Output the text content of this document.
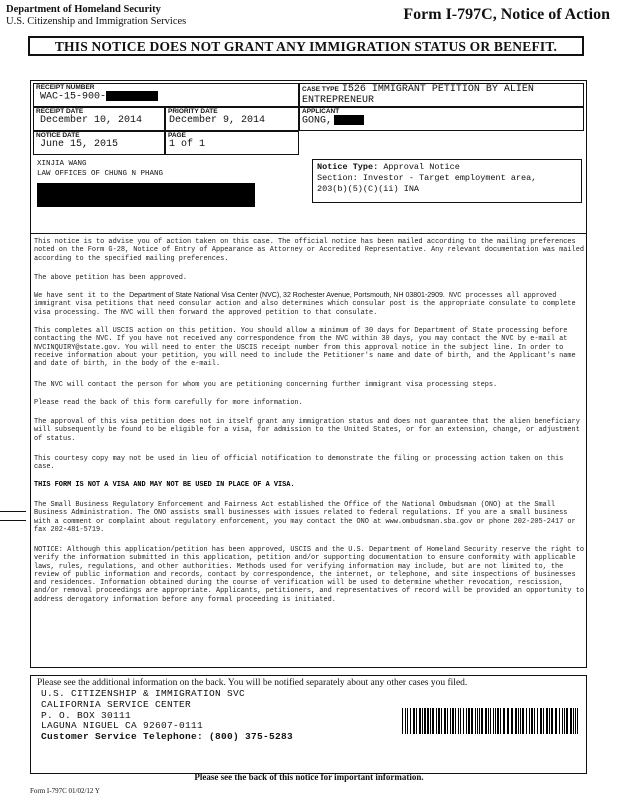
Department of Homeland Security
U.S. Citizenship and Immigration Services	Form I-797C, Notice of Action
THIS NOTICE DOES NOT GRANT ANY IMMIGRATION STATUS OR BENEFIT.
RECEIPT NUMBER
WAC-15-900-
CASE TYPE I526 IMMIGRANT PETITION BY ALIEN
ENTREPRENEUR
RECEIPT DATE
December 10, 2014
PRIORITY DATE
December 9, 2014
APPLICANT
GONG,
NOTICE DATE
June 15, 2015
PAGE
1 of 1
XINJIA WANG
LAW OFFICES OF CHUNG N PHANG
Notice Type: Approval Notice
Section: Investor - Target employment area,
203(b)(5)(C)(ii) INA
This notice is to advise you of action taken on this case. The official notice has been mailed according to the mailing preferences noted on the Form G-28, Notice of Entry of Appearance as Attorney or Accredited Representative. Any relevant documentation was mailed according to the specified mailing preferences.
The above petition has been approved.
We have sent it to the Department of State National Visa Center (NVC), 32 Rochester Avenue, Portsmouth, NH 03801-2909. NVC processes all approved immigrant visa petitions that need consular action and also determines which consular post is the appropriate consulate to complete visa processing. The NVC will then forward the approved petition to that consulate.
This completes all USCIS action on this petition. You should allow a minimum of 30 days for Department of State processing before contacting the NVC. If you have not received any correspondence from the NVC within 30 days, you may contact the NVC by e-mail at NVCINQUIRY@state.gov. You will need to enter the USCIS receipt number from this approval notice in the subject line. In order to receive information about your petition, you will need to include the Petitioner's name and date of birth, and the Applicant's name and date of birth, in the body of the e-mail.
The NVC will contact the person for whom you are petitioning concerning further immigrant visa processing steps.
Please read the back of this form carefully for more information.
The approval of this visa petition does not in itself grant any immigration status and does not guarantee that the alien beneficiary will subsequently be found to be eligible for a visa, for admission to the United States, or for an extension, change, or adjustment of status.
This courtesy copy may not be used in lieu of official notification to demonstrate the filing or processing action taken on this case.
THIS FORM IS NOT A VISA AND MAY NOT BE USED IN PLACE OF A VISA.
The Small Business Regulatory Enforcement and Fairness Act established the Office of the National Ombudsman (ONO) at the Small Business Administration. The ONO assists small businesses with issues related to federal regulations. If you are a small business with a comment or complaint about regulatory enforcement, you may contact the ONO at www.ombudsman.sba.gov or phone 202-205-2417 or fax 202-481-5719.
NOTICE: Although this application/petition has been approved, USCIS and the U.S. Department of Homeland Security reserve the right to verify the information submitted in this application, petition and/or supporting documentation to ensure conformity with applicable laws, rules, regulations, and other authorities. Methods used for verifying information may include, but are not limited to, the review of public information and records, contact by correspondence, the internet, or telephone, and site inspections of businesses and residences. Information obtained during the course of verification will be used to determine whether revocation, rescission, and/or removal proceedings are appropriate. Applicants, petitioners, and representatives of record will be provided an opportunity to address derogatory information before any formal proceeding is initiated.
Please see the additional information on the back. You will be notified separately about any other cases you filed.
U.S. CITIZENSHIP & IMMIGRATION SVC
CALIFORNIA SERVICE CENTER
P. O. BOX 30111
LAGUNA NIGUEL CA 92607-0111
Customer Service Telephone: (800) 375-5283
Please see the back of this notice for important information.
Form I-797C 01/02/12 Y
